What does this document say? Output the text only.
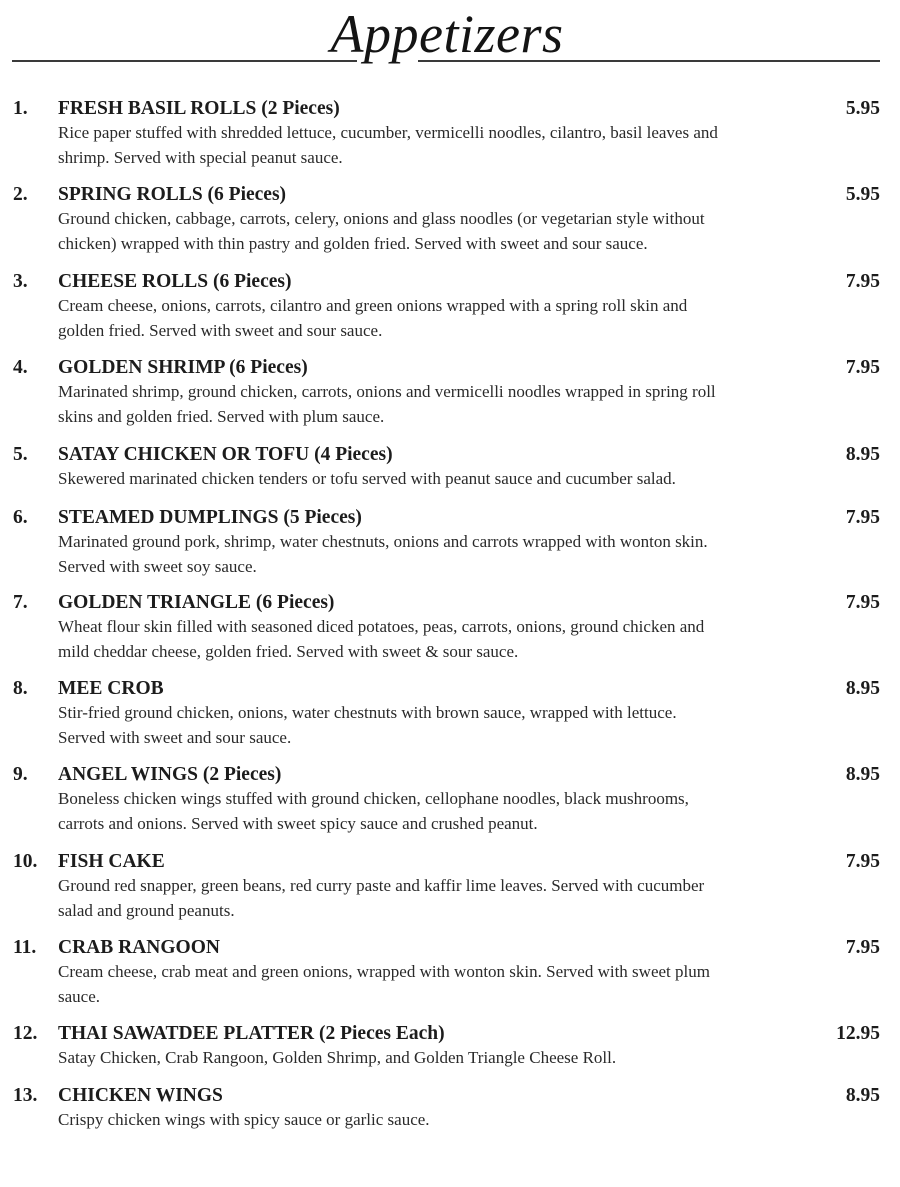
Appetizers
1. FRESH BASIL ROLLS (2 Pieces)	5.95
Rice paper stuffed with shredded lettuce, cucumber, vermicelli noodles, cilantro, basil leaves and
shrimp. Served with special peanut sauce.
2. SPRING ROLLS (6 Pieces)	5.95
Ground chicken, cabbage, carrots, celery, onions and glass noodles (or vegetarian style without
chicken) wrapped with thin pastry and golden fried. Served with sweet and sour sauce.
3. CHEESE ROLLS (6 Pieces)	7.95
Cream cheese, onions, carrots, cilantro and green onions wrapped with a spring roll skin and
golden fried. Served with sweet and sour sauce.
4. GOLDEN SHRIMP (6 Pieces)	7.95
Marinated shrimp, ground chicken, carrots, onions and vermicelli noodles wrapped in spring roll
skins and golden fried. Served with plum sauce.
5. SATAY CHICKEN OR TOFU (4 Pieces)	8.95
Skewered marinated chicken tenders or tofu served with peanut sauce and cucumber salad.
6. STEAMED DUMPLINGS (5 Pieces)	7.95
Marinated ground pork, shrimp, water chestnuts, onions and carrots wrapped with wonton skin.
Served with sweet soy sauce.
7. GOLDEN TRIANGLE (6 Pieces)	7.95
Wheat flour skin filled with seasoned diced potatoes, peas, carrots, onions, ground chicken and
mild cheddar cheese, golden fried. Served with sweet & sour sauce.
8. MEE CROB	8.95
Stir-fried ground chicken, onions, water chestnuts with brown sauce, wrapped with lettuce.
Served with sweet and sour sauce.
9. ANGEL WINGS (2 Pieces)	8.95
Boneless chicken wings stuffed with ground chicken, cellophane noodles, black mushrooms,
carrots and onions. Served with sweet spicy sauce and crushed peanut.
10. FISH CAKE	7.95
Ground red snapper, green beans, red curry paste and kaffir lime leaves. Served with cucumber
salad and ground peanuts.
11. CRAB RANGOON	7.95
Cream cheese, crab meat and green onions, wrapped with wonton skin. Served with sweet plum
sauce.
12. THAI SAWATDEE PLATTER (2 Pieces Each)	12.95
Satay Chicken, Crab Rangoon, Golden Shrimp, and Golden Triangle Cheese Roll.
13. CHICKEN WINGS	8.95
Crispy chicken wings with spicy sauce or garlic sauce.
